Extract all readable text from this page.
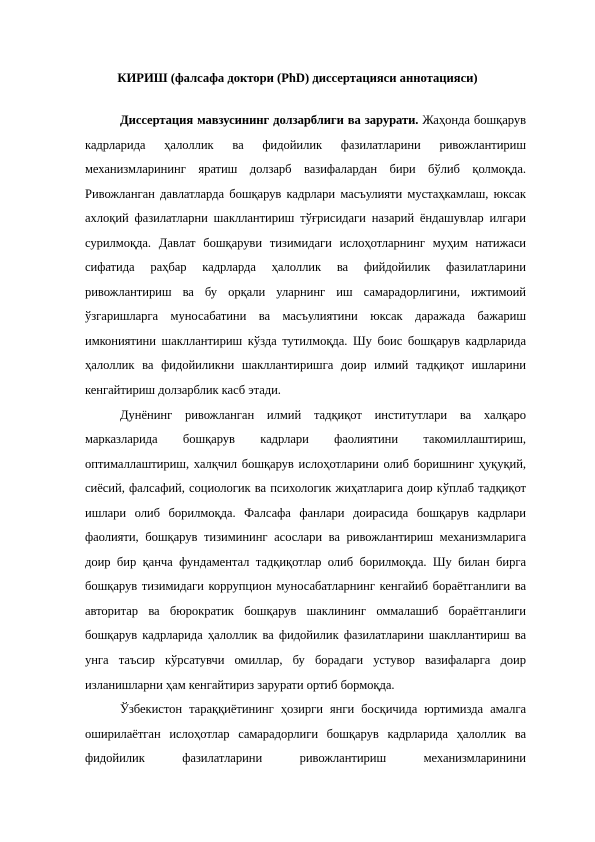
КИРИШ (фалсафа доктори (PhD) диссертацияси аннотацияси)

Диссертация мавзусининг долзарблиги ва зарурати. Жаҳонда бошқарув кадрларида ҳалоллик ва фидойилик фазилатларини ривожлантириш механизмларининг яратиш долзарб вазифалардан бири бўлиб қолмоқда. Ривожланган давлатларда бошқарув кадрлари масъулияти мустаҳкамлаш, юксак ахлоқий фазилатларни шакллантириш тўғрисидаги назарий ёндашувлар илгари сурилмоқда. Давлат бошқаруви тизимидаги ислоҳотларнинг муҳим натижаси сифатида раҳбар кадрларда ҳалоллик ва фийдойилик фазилатларини ривожлантириш ва бу орқали уларнинг иш самарадорлигини, ижтимоий ўзгаришларга муносабатини ва масъулиятини юксак даражада бажариш имкониятини шакллантириш кўзда тутилмоқда. Шу боис бошқарув кадрларида ҳалоллик ва фидойиликни шакллантиришга доир илмий тадқиқот ишларини кенгайтириш долзарблик касб этади.

Дунёнинг ривожланган илмий тадқиқот институтлари ва халқаро марказларида бошқарув кадрлари фаолиятини такомиллаштириш, оптималлаштириш, халқчил бошқарув ислоҳотларини олиб боришнинг ҳуқуқий, сиёсий, фалсафий, социологик ва психологик жиҳатларига доир кўплаб тадқиқот ишлари олиб борилмоқда. Фалсафа фанлари доирасида бошқарув кадрлари фаолияти, бошқарув тизимининг асослари ва ривожлантириш механизмларига доир бир қанча фундаментал тадқиқотлар олиб борилмоқда. Шу билан бирга бошқарув тизимидаги коррупцион муносабатларнинг кенгайиб бораётганлиги ва авторитар ва бюрократик бошқарув шаклининг оммалашиб бораётганлиги бошқарув кадрларида ҳалоллик ва фидойилик фазилатларини шакллантириш ва унга таъсир кўрсатувчи омиллар, бу борадаги устувор вазифаларга доир изланишларни ҳам кенгайтириз зарурати ортиб бормоқда.

Ўзбекистон тараққиётининг ҳозирги янги босқичида юртимизда амалга оширилаётган ислоҳотлар самарадорлиги бошқарув кадрларида ҳалоллик ва фидойилик фазилатларини ривожлантириш механизмларинини
